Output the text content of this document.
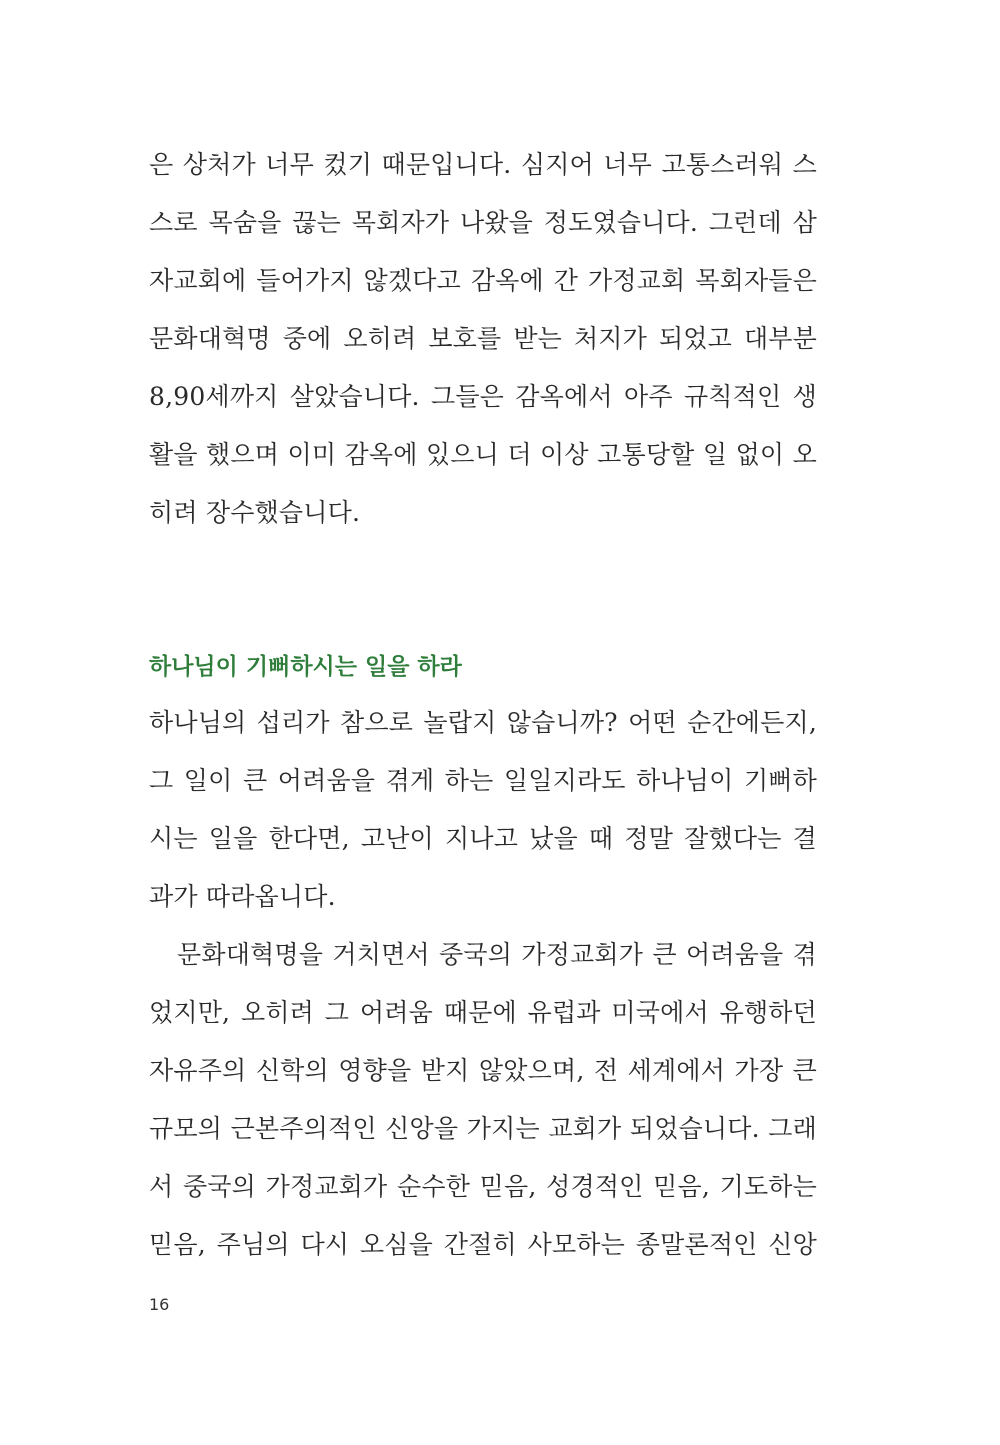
은 상처가 너무 컸기 때문입니다. 심지어 너무 고통스러워 스
스로 목숨을 끊는 목회자가 나왔을 정도였습니다. 그런데 삼
자교회에 들어가지 않겠다고 감옥에 간 가정교회 목회자들은
문화대혁명 중에 오히려 보호를 받는 처지가 되었고 대부분
8,90세까지 살았습니다. 그들은 감옥에서 아주 규칙적인 생
활을 했으며 이미 감옥에 있으니 더 이상 고통당할 일 없이 오
히려 장수했습니다.
하나님이 기뻐하시는 일을 하라
하나님의 섭리가 참으로 놀랍지 않습니까? 어떤 순간에든지,
그 일이 큰 어려움을 겪게 하는 일일지라도 하나님이 기뻐하
시는 일을 한다면, 고난이 지나고 났을 때 정말 잘했다는 결
과가 따라옵니다.
문화대혁명을 거치면서 중국의 가정교회가 큰 어려움을 겪
었지만, 오히려 그 어려움 때문에 유럽과 미국에서 유행하던
자유주의 신학의 영향을 받지 않았으며, 전 세계에서 가장 큰
규모의 근본주의적인 신앙을 가지는 교회가 되었습니다. 그래
서 중국의 가정교회가 순수한 믿음, 성경적인 믿음, 기도하는
믿음, 주님의 다시 오심을 간절히 사모하는 종말론적인 신앙
16
